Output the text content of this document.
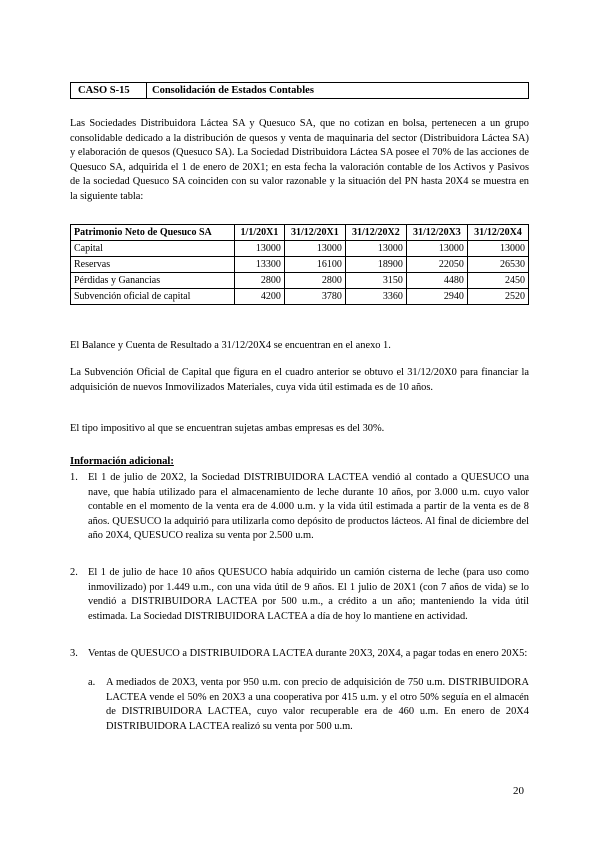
CASO S-15	Consolidación de Estados Contables

Las Sociedades Distribuidora Láctea SA y Quesuco SA, que no cotizan en bolsa, pertenecen a un grupo consolidable dedicado a la distribución de quesos y venta de maquinaria del sector (Distribuidora Láctea SA) y elaboración de quesos (Quesuco SA). La Sociedad Distribuidora Láctea SA posee el 70% de las acciones de Quesuco SA, adquirida el 1 de enero de 20X1; en esta fecha la valoración contable de los Activos y Pasivos de la sociedad Quesuco SA coinciden con su valor razonable y la situación del PN hasta 20X4 se muestra en la siguiente tabla:

Patrimonio Neto de Quesuco SA	1/1/20X1	31/12/20X1	31/12/20X2	31/12/20X3	31/12/20X4
Capital	13000	13000	13000	13000	13000
Reservas	13300	16100	18900	22050	26530
Pérdidas y Ganancias	2800	2800	3150	4480	2450
Subvención oficial de capital	4200	3780	3360	2940	2520

El Balance y Cuenta de Resultado a 31/12/20X4 se encuentran en el anexo 1.

La Subvención Oficial de Capital que figura en el cuadro anterior se obtuvo el 31/12/20X0 para financiar la adquisición de nuevos Inmovilizados Materiales, cuya vida útil estimada es de 10 años.

El tipo impositivo al que se encuentran sujetas ambas empresas es del 30%.

Información adicional:
1. El 1 de julio de 20X2, la Sociedad DISTRIBUIDORA LACTEA vendió al contado a QUESUCO una nave, que había utilizado para el almacenamiento de leche durante 10 años, por 3.000 u.m. cuyo valor contable en el momento de la venta era de 4.000 u.m. y la vida útil estimada a partir de la venta es de 8 años. QUESUCO la adquirió para utilizarla como depósito de productos lácteos. Al final de diciembre del año 20X4, QUESUCO realiza su venta por 2.500 u.m.
2. El 1 de julio de hace 10 años QUESUCO había adquirido un camión cisterna de leche (para uso como inmovilizado) por 1.449 u.m., con una vida útil de 9 años. El 1 julio de 20X1 (con 7 años de vida) se lo vendió a DISTRIBUIDORA LACTEA por 500 u.m., a crédito a un año; manteniendo la vida útil estimada. La Sociedad DISTRIBUIDORA LACTEA a día de hoy lo mantiene en actividad.
3. Ventas de QUESUCO a DISTRIBUIDORA LACTEA durante 20X3, 20X4, a pagar todas en enero 20X5:
a. A mediados de 20X3, venta por 950 u.m. con precio de adquisición de 750 u.m. DISTRIBUIDORA LACTEA vende el 50% en 20X3 a una cooperativa por 415 u.m. y el otro 50% seguía en el almacén de DISTRIBUIDORA LACTEA, cuyo valor recuperable era de 460 u.m. En enero de 20X4 DISTRIBUIDORA LACTEA realizó su venta por 500 u.m.
20
